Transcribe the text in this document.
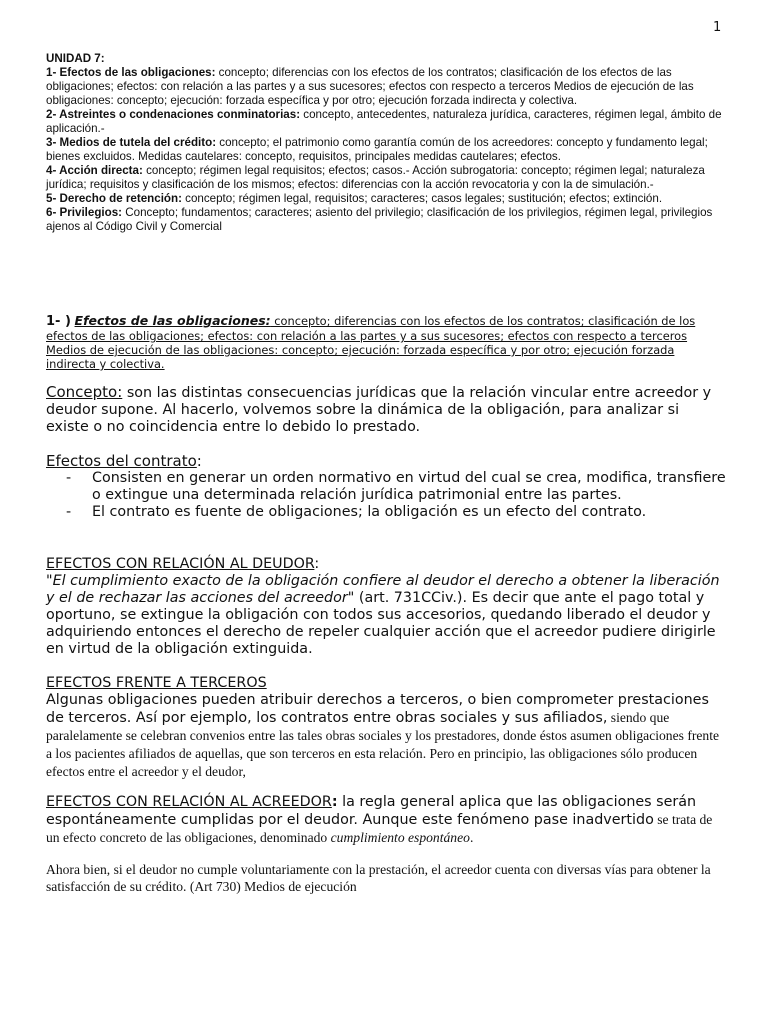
1

UNIDAD 7:

1- Efectos de las obligaciones: concepto; diferencias con los efectos de los contratos; clasificación de los efectos de las obligaciones; efectos: con relación a las partes y a sus sucesores; efectos con respecto a terceros Medios de ejecución de las obligaciones: concepto; ejecución: forzada específica y por otro; ejecución forzada indirecta y colectiva.

2- Astreintes o condenaciones conminatorias: concepto, antecedentes, naturaleza jurídica, caracteres, régimen legal, ámbito de aplicación.-

3- Medios de tutela del crédito: concepto; el patrimonio como garantía común de los acreedores: concepto y fundamento legal; bienes excluidos. Medidas cautelares: concepto, requisitos, principales medidas cautelares; efectos.

4- Acción directa: concepto; régimen legal requisitos; efectos; casos.- Acción subrogatoria: concepto; régimen legal; naturaleza jurídica; requisitos y clasificación de los mismos; efectos: diferencias con la acción revocatoria y con la de simulación.-

5- Derecho de retención: concepto; régimen legal, requisitos; caracteres; casos legales; sustitución; efectos; extinción.

6- Privilegios: Concepto; fundamentos; caracteres; asiento del privilegio; clasificación de los privilegios, régimen legal, privilegios ajenos al Código Civil y Comercial

1- ) Efectos de las obligaciones: concepto; diferencias con los efectos de los contratos; clasificación de los efectos de las obligaciones; efectos: con relación a las partes y a sus sucesores; efectos con respecto a terceros Medios de ejecución de las obligaciones: concepto; ejecución: forzada específica y por otro; ejecución forzada indirecta y colectiva.

Concepto: son las distintas consecuencias jurídicas que la relación vincular entre acreedor y deudor supone. Al hacerlo, volvemos sobre la dinámica de la obligación, para analizar si existe o no coincidencia entre lo debido lo prestado.

Efectos del contrato:

- Consisten en generar un orden normativo en virtud del cual se crea, modifica, transfiere o extingue una determinada relación jurídica patrimonial entre las partes.
- El contrato es fuente de obligaciones; la obligación es un efecto del contrato.

EFECTOS CON RELACIÓN AL DEUDOR:

"El cumplimiento exacto de la obligación confiere al deudor el derecho a obtener la liberación y el de rechazar las acciones del acreedor" (art. 731CCiv.). Es decir que ante el pago total y oportuno, se extingue la obligación con todos sus accesorios, quedando liberado el deudor y adquiriendo entonces el derecho de repeler cualquier acción que el acreedor pudiere dirigirle en virtud de la obligación extinguida.

EFECTOS FRENTE A TERCEROS

Algunas obligaciones pueden atribuir derechos a terceros, o bien comprometer prestaciones de terceros. Así por ejemplo, los contratos entre obras sociales y sus afiliados, siendo que paralelamente se celebran convenios entre las tales obras sociales y los prestadores, donde éstos asumen obligaciones frente a los pacientes afiliados de aquellas, que son terceros en esta relación. Pero en principio, las obligaciones sólo producen efectos entre el acreedor y el deudor,

EFECTOS CON RELACIÓN AL ACREEDOR: la regla general aplica que las obligaciones serán espontáneamente cumplidas por el deudor. Aunque este fenómeno pase inadvertido se trata de un efecto concreto de las obligaciones, denominado cumplimiento espontáneo.

Ahora bien, si el deudor no cumple voluntariamente con la prestación, el acreedor cuenta con diversas vías para obtener la satisfacción de su crédito. (Art 730) Medios de ejecución
